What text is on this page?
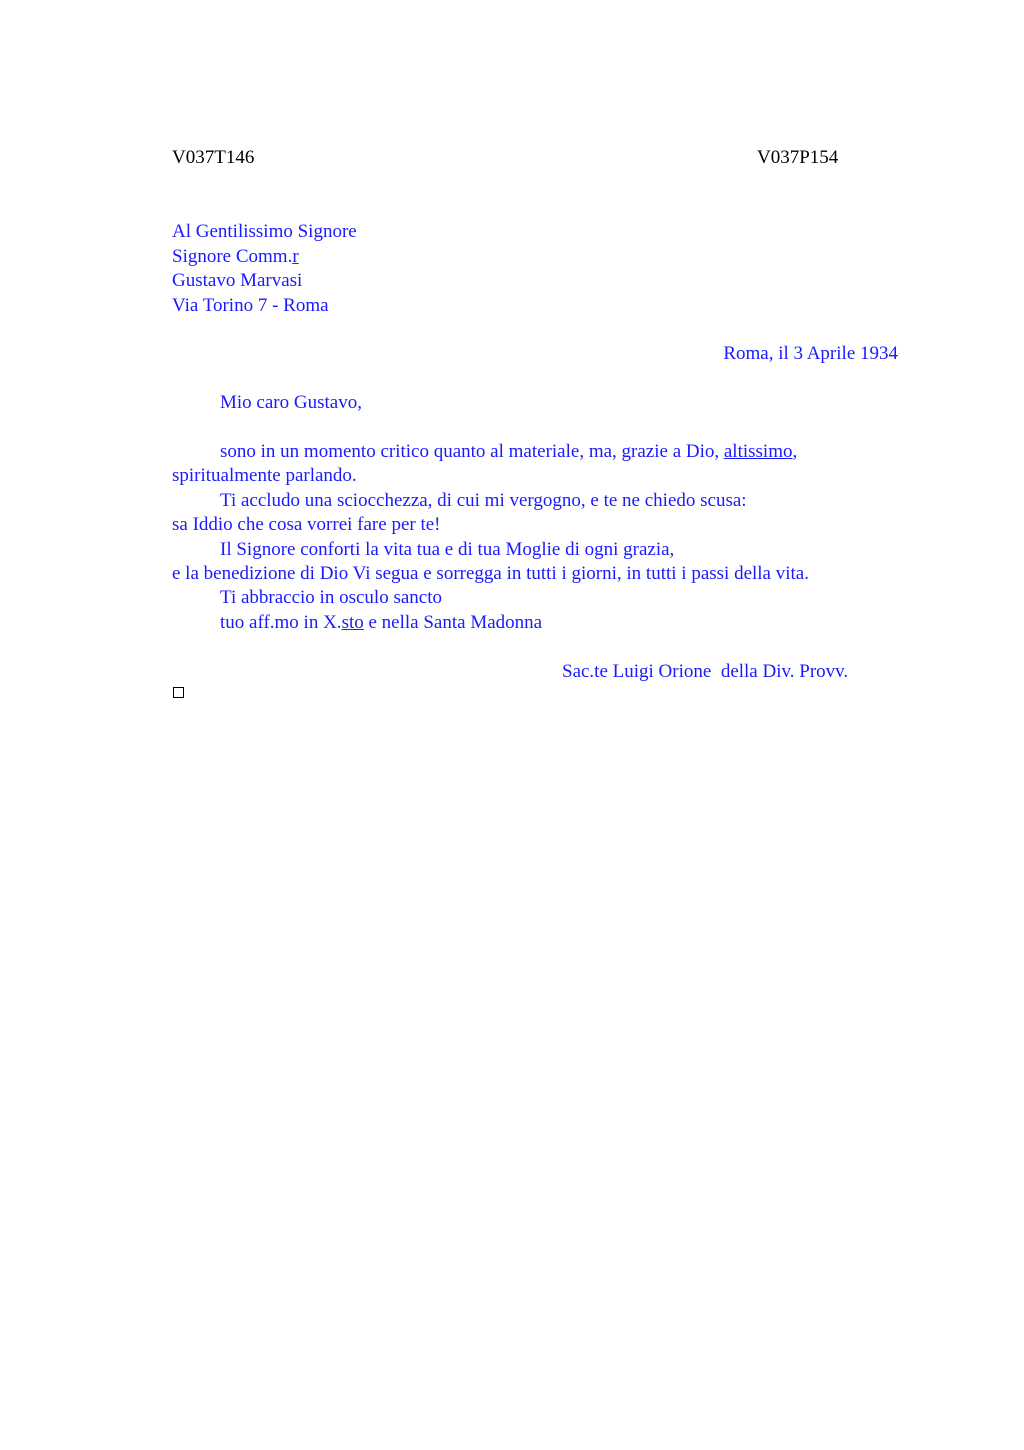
V037T146	V037P154
Al Gentilissimo Signore
Signore Comm.r
Gustavo Marvasi
Via Torino 7 - Roma
Roma, il 3 Aprile 1934
Mio caro Gustavo,
sono in un momento critico quanto al materiale, ma, grazie a Dio, altissimo,
spiritualmente parlando.
Ti accludo una sciocchezza, di cui mi vergogno, e te ne chiedo scusa:
sa Iddio che cosa vorrei fare per te!
Il Signore conforti la vita tua e di tua Moglie di ogni grazia,
e la benedizione di Dio Vi segua e sorregga in tutti i giorni, in tutti i passi della vita.
Ti abbraccio in osculo sancto
tuo aff.mo in X.sto e nella Santa Madonna
Sac.te Luigi Orione  della Div. Provv.
